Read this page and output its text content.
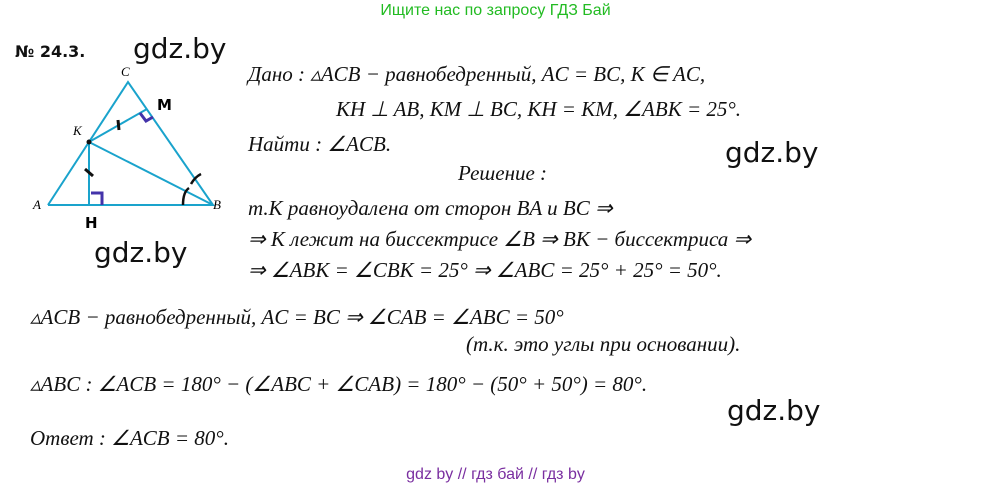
Ищите нас по запросу ГДЗ Бай
№ 24.3. gdz.by
gdz.by
gdz.by
gdz.by
C
M
K
A
H
B
Дано : ▵ACB − равнобедренный, AC = BC, K ∈ AC,
KH ⊥ AB, KM ⊥ BC, KH = KM, ∠ABK = 25°.
Найти : ∠ACB.
Решение :
т.К равноудалена от сторон BA и BC ⇒
⇒ K лежит на биссектрисе ∠B ⇒ BK − биссектриса ⇒
⇒ ∠ABK = ∠CBK = 25° ⇒ ∠ABC = 25° + 25° = 50°.
▵ACB − равнобедренный, AC = BC ⇒ ∠CAB = ∠ABC = 50°
(т.к. это углы при основании).
▵ABC : ∠ACB = 180° − (∠ABC + ∠CAB) = 180° − (50° + 50°) = 80°.
Ответ : ∠ACB = 80°.
gdz by // гдз бай // гдз by
